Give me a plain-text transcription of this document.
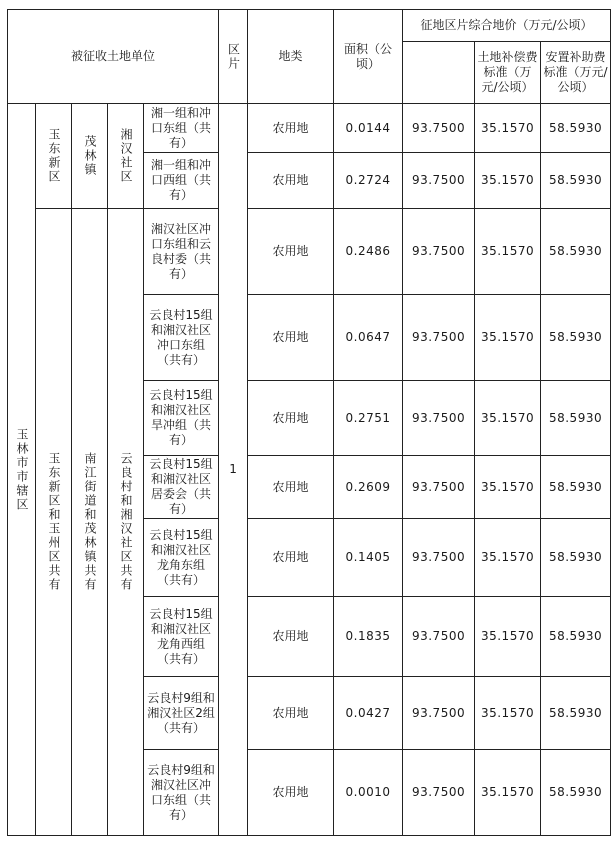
被征收土地单位					区片	地类	面积（公顷）	征地区片综合地价（万元/公顷）		
									土地补偿费标准（万元/公顷）	安置补助费标准（万元/公顷）

玉林市市辖区	玉东新区	茂林镇	湘汉社区	湘一组和冲口东组（共有）	1	农用地	0.0144	93.7500	35.1570	58.5930
				湘一组和冲口西组（共有）		农用地	0.2724	93.7500	35.1570	58.5930

	玉东新区和玉州区共有	南江街道和茂林镇共有	云良村和湘汉社区共有	湘汉社区冲口东组和云良村委（共有）		农用地	0.2486	93.7500	35.1570	58.5930
				云良村15组和湘汉社区冲口东组（共有）		农用地	0.0647	93.7500	35.1570	58.5930
				云良村15组和湘汉社区旱冲组（共有）		农用地	0.2751	93.7500	35.1570	58.5930
				云良村15组和湘汉社区居委会（共有）		农用地	0.2609	93.7500	35.1570	58.5930
				云良村15组和湘汉社区龙角东组（共有）		农用地	0.1405	93.7500	35.1570	58.5930
				云良村15组和湘汉社区龙角西组（共有）		农用地	0.1835	93.7500	35.1570	58.5930
				云良村9组和湘汉社区2组（共有）		农用地	0.0427	93.7500	35.1570	58.5930
				云良村9组和湘汉社区冲口东组（共有）		农用地	0.0010	93.7500	35.1570	58.5930
